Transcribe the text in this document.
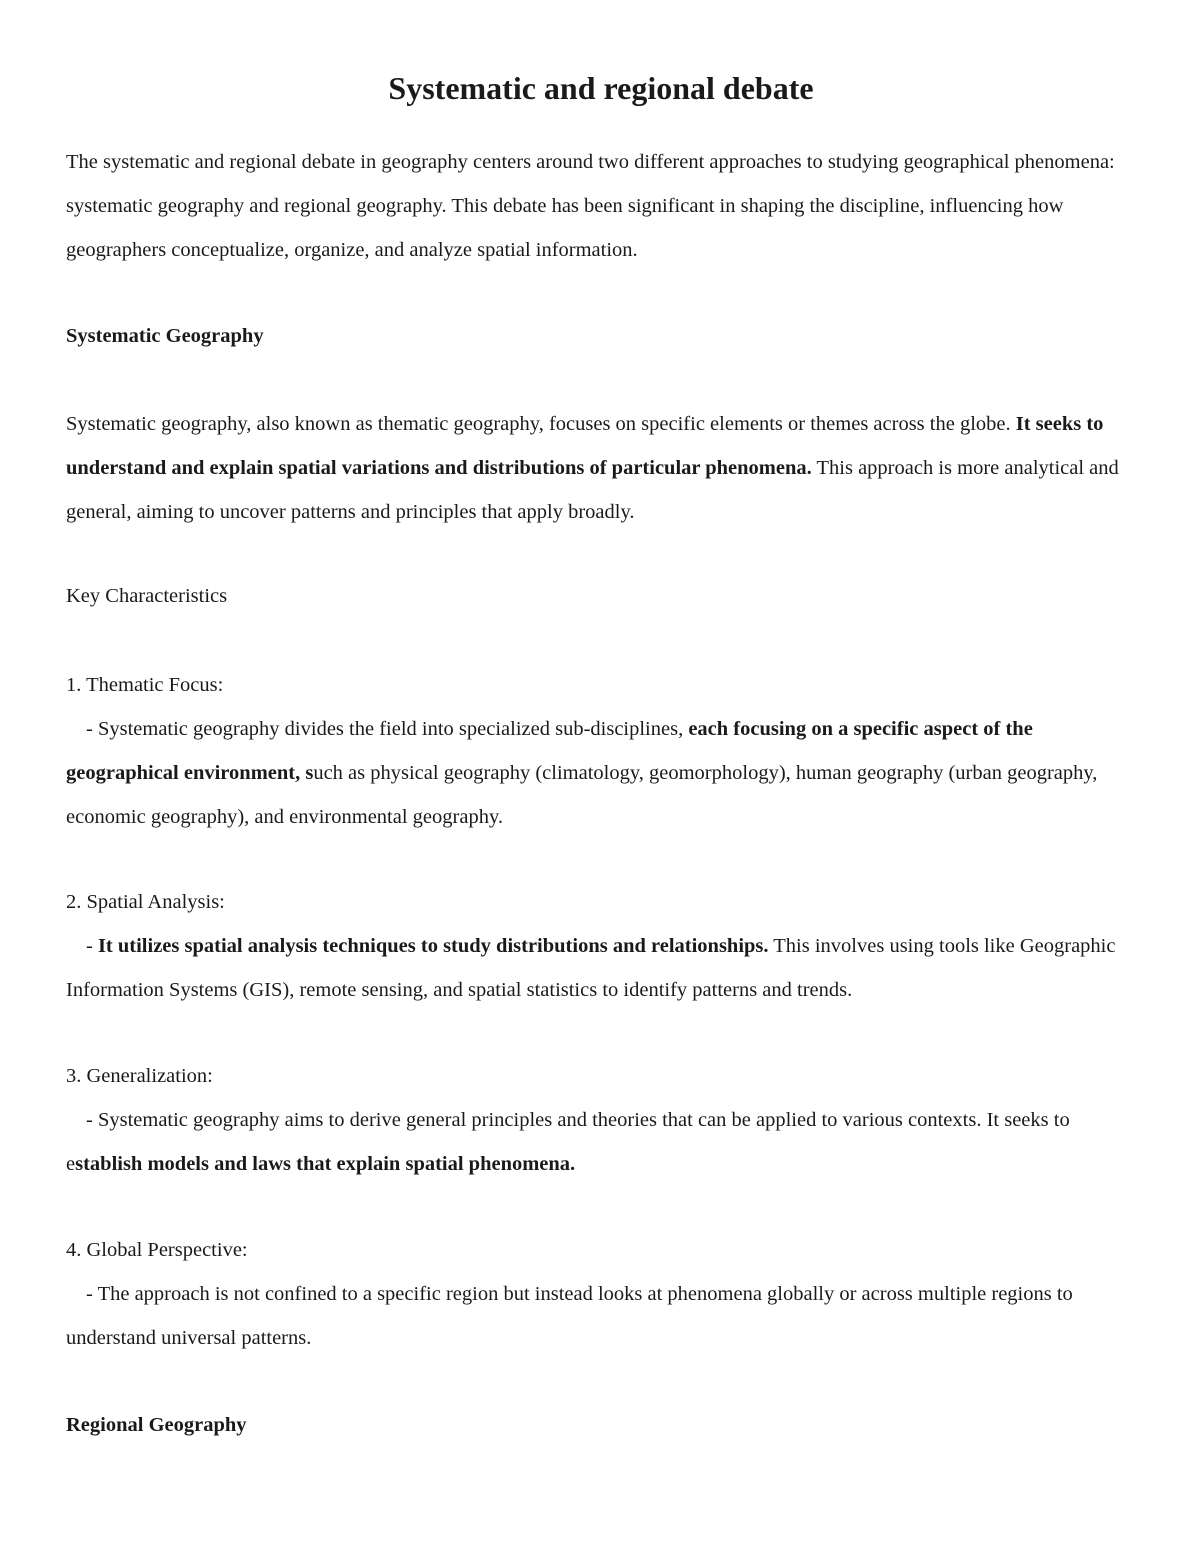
Systematic and regional debate

The systematic and regional debate in geography centers around two different approaches to studying geographical phenomena: systematic geography and regional geography. This debate has been significant in shaping the discipline, influencing how geographers conceptualize, organize, and analyze spatial information.

Systematic Geography

Systematic geography, also known as thematic geography, focuses on specific elements or themes across the globe. It seeks to understand and explain spatial variations and distributions of particular phenomena. This approach is more analytical and general, aiming to uncover patterns and principles that apply broadly.

Key Characteristics

1. Thematic Focus:
- Systematic geography divides the field into specialized sub-disciplines, each focusing on a specific aspect of the geographical environment, such as physical geography (climatology, geomorphology), human geography (urban geography, economic geography), and environmental geography.

2. Spatial Analysis:
- It utilizes spatial analysis techniques to study distributions and relationships. This involves using tools like Geographic Information Systems (GIS), remote sensing, and spatial statistics to identify patterns and trends.

3. Generalization:
- Systematic geography aims to derive general principles and theories that can be applied to various contexts. It seeks to establish models and laws that explain spatial phenomena.

4. Global Perspective:
- The approach is not confined to a specific region but instead looks at phenomena globally or across multiple regions to understand universal patterns.

Regional Geography
